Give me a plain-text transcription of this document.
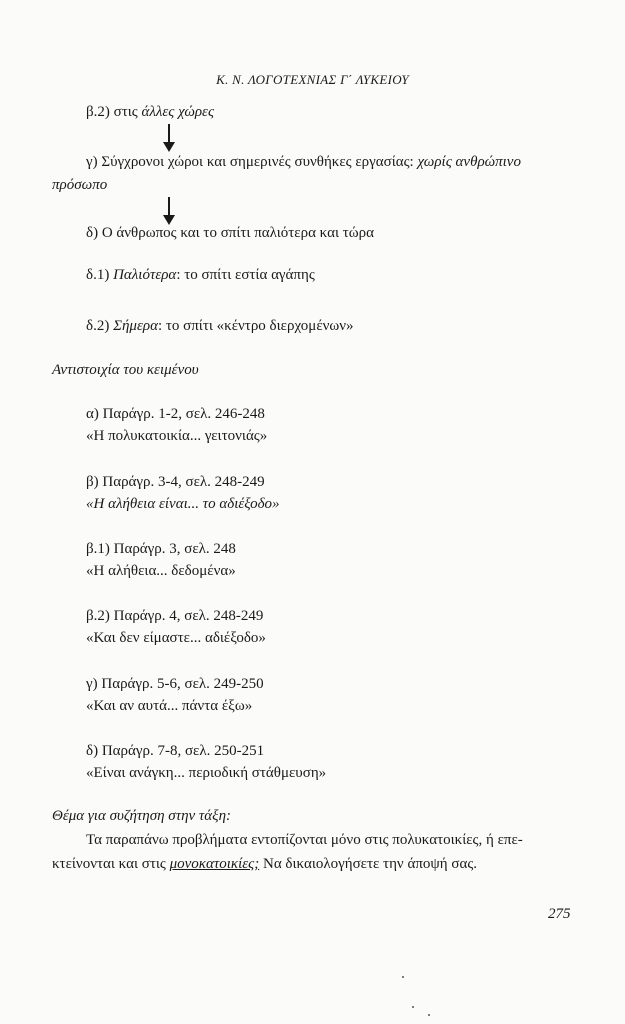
Κ. Ν. ΛΟΓΟΤΕΧΝΙΑΣ Γ΄ ΛΥΚΕΙΟΥ
β.2) στις άλλες χώρες
γ) Σύγχρονοι χώροι και σημερινές συνθήκες εργασίας: χωρίς ανθρώπινο
πρόσωπο
δ) Ο άνθρωπος και το σπίτι παλιότερα και τώρα
δ.1) Παλιότερα: το σπίτι εστία αγάπης
δ.2) Σήμερα: το σπίτι «κέντρο διερχομένων»
Αντιστοιχία του κειμένου
α) Παράγρ. 1-2, σελ. 246-248
«Η πολυκατοικία... γειτονιάς»
β) Παράγρ. 3-4, σελ. 248-249
«Η αλήθεια είναι... το αδιέξοδο»
β.1) Παράγρ. 3, σελ. 248
«Η αλήθεια... δεδομένα»
β.2) Παράγρ. 4, σελ. 248-249
«Και δεν είμαστε... αδιέξοδο»
γ) Παράγρ. 5-6, σελ. 249-250
«Και αν αυτά... πάντα έξω»
δ) Παράγρ. 7-8, σελ. 250-251
«Είναι ανάγκη... περιοδική στάθμευση»
Θέμα για συζήτηση στην τάξη:
Τα παραπάνω προβλήματα εντοπίζονται μόνο στις πολυκατοικίες, ή επε-
κτείνονται και στις μονοκατοικίες; Να δικαιολογήσετε την άποψή σας.
275
